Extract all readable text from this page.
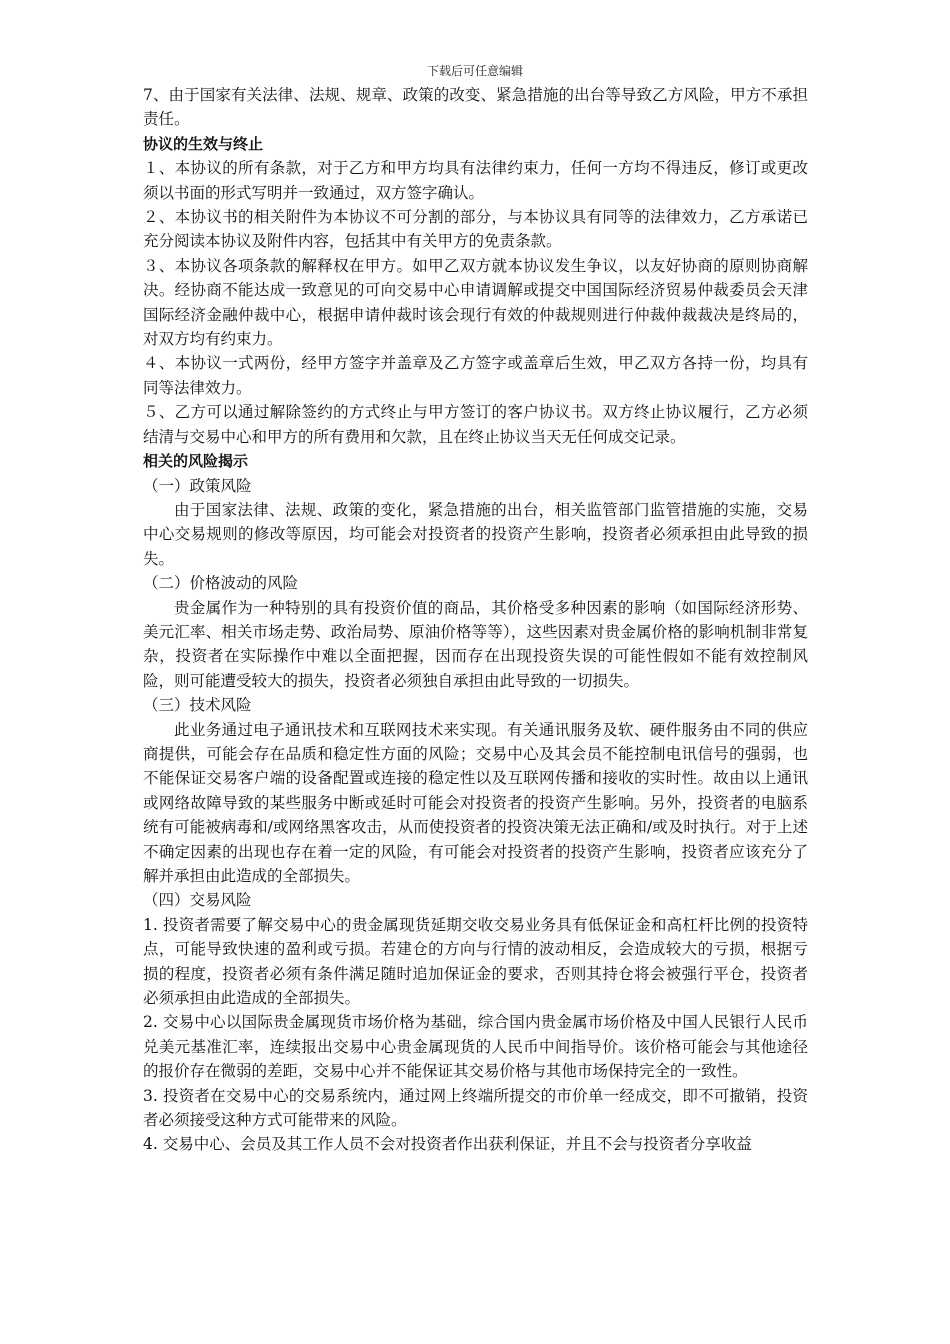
下载后可任意编辑

7、由于国家有关法律、法规、规章、政策的改变、紧急措施的出台等导致乙方风险，甲方不承担责任。

协议的生效与终止

１、本协议的所有条款，对于乙方和甲方均具有法律约束力，任何一方均不得违反，修订或更改须以书面的形式写明并一致通过，双方签字确认。

２、本协议书的相关附件为本协议不可分割的部分，与本协议具有同等的法律效力，乙方承诺已充分阅读本协议及附件内容，包括其中有关甲方的免责条款。

３、本协议各项条款的解释权在甲方。如甲乙双方就本协议发生争议，以友好协商的原则协商解决。经协商不能达成一致意见的可向交易中心申请调解或提交中国国际经济贸易仲裁委员会天津国际经济金融仲裁中心，根据申请仲裁时该会现行有效的仲裁规则进行仲裁仲裁裁决是终局的，对双方均有约束力。

４、本协议一式两份，经甲方签字并盖章及乙方签字或盖章后生效，甲乙双方各持一份，均具有同等法律效力。

５、乙方可以通过解除签约的方式终止与甲方签订的客户协议书。双方终止协议履行，乙方必须结清与交易中心和甲方的所有费用和欠款，且在终止协议当天无任何成交记录。

相关的风险揭示

（一）政策风险

由于国家法律、法规、政策的变化，紧急措施的出台，相关监管部门监管措施的实施，交易中心交易规则的修改等原因，均可能会对投资者的投资产生影响，投资者必须承担由此导致的损失。

（二）价格波动的风险

贵金属作为一种特别的具有投资价值的商品，其价格受多种因素的影响（如国际经济形势、美元汇率、相关市场走势、政治局势、原油价格等等），这些因素对贵金属价格的影响机制非常复杂，投资者在实际操作中难以全面把握，因而存在出现投资失误的可能性假如不能有效控制风险，则可能遭受较大的损失，投资者必须独自承担由此导致的一切损失。

（三）技术风险

此业务通过电子通讯技术和互联网技术来实现。有关通讯服务及软、硬件服务由不同的供应商提供，可能会存在品质和稳定性方面的风险；交易中心及其会员不能控制电讯信号的强弱，也不能保证交易客户端的设备配置或连接的稳定性以及互联网传播和接收的实时性。故由以上通讯或网络故障导致的某些服务中断或延时可能会对投资者的投资产生影响。另外，投资者的电脑系统有可能被病毒和/或网络黑客攻击，从而使投资者的投资决策无法正确和/或及时执行。对于上述不确定因素的出现也存在着一定的风险，有可能会对投资者的投资产生影响，投资者应该充分了解并承担由此造成的全部损失。

（四）交易风险

1. 投资者需要了解交易中心的贵金属现货延期交收交易业务具有低保证金和高杠杆比例的投资特点，可能导致快速的盈利或亏损。若建仓的方向与行情的波动相反，会造成较大的亏损，根据亏损的程度，投资者必须有条件满足随时追加保证金的要求，否则其持仓将会被强行平仓，投资者必须承担由此造成的全部损失。

2. 交易中心以国际贵金属现货市场价格为基础，综合国内贵金属市场价格及中国人民银行人民币兑美元基准汇率，连续报出交易中心贵金属现货的人民币中间指导价。该价格可能会与其他途径的报价存在微弱的差距，交易中心并不能保证其交易价格与其他市场保持完全的一致性。

3. 投资者在交易中心的交易系统内，通过网上终端所提交的市价单一经成交，即不可撤销，投资者必须接受这种方式可能带来的风险。

4. 交易中心、会员及其工作人员不会对投资者作出获利保证，并且不会与投资者分享收益
